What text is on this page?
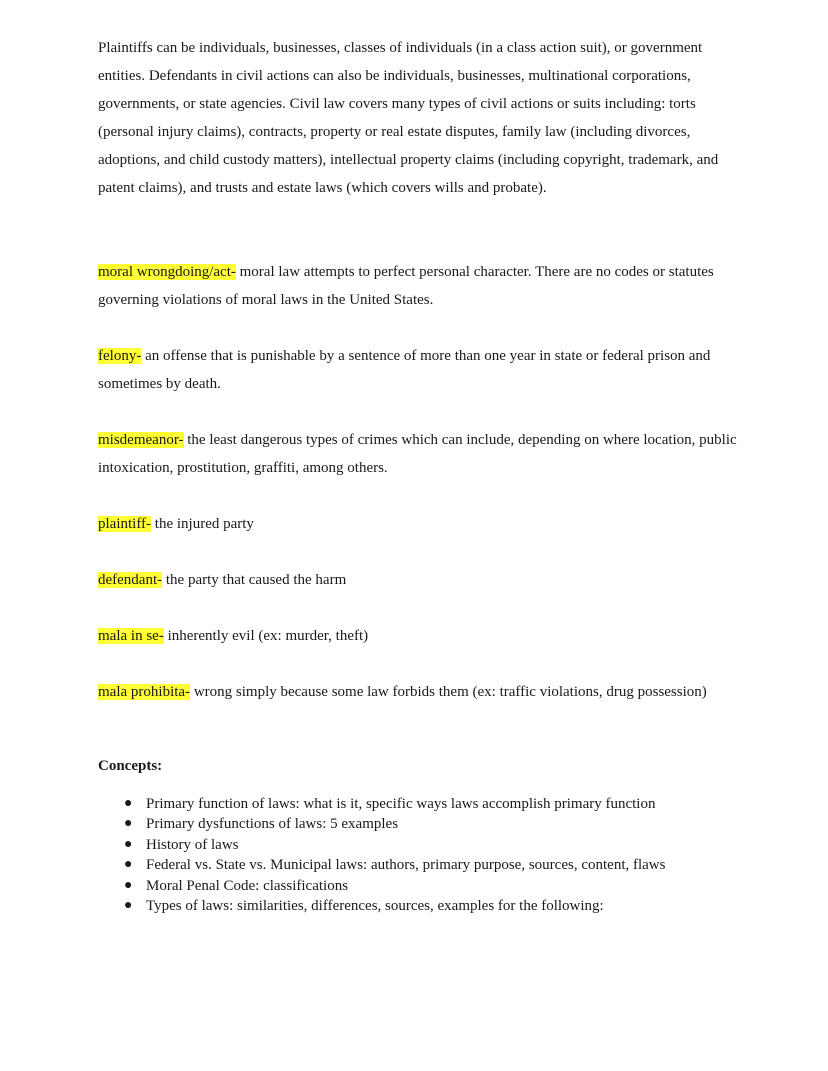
Plaintiffs can be individuals, businesses, classes of individuals (in a class action suit), or government entities. Defendants in civil actions can also be individuals, businesses, multinational corporations, governments, or state agencies. Civil law covers many types of civil actions or suits including: torts (personal injury claims), contracts, property or real estate disputes, family law (including divorces, adoptions, and child custody matters), intellectual property claims (including copyright, trademark, and patent claims), and trusts and estate laws (which covers wills and probate).

moral wrongdoing/act- moral law attempts to perfect personal character. There are no codes or statutes governing violations of moral laws in the United States.

felony- an offense that is punishable by a sentence of more than one year in state or federal prison and sometimes by death.

misdemeanor- the least dangerous types of crimes which can include, depending on where location, public intoxication, prostitution, graffiti, among others.

plaintiff- the injured party

defendant- the party that caused the harm

mala in se- inherently evil (ex: murder, theft)

mala prohibita- wrong simply because some law forbids them (ex: traffic violations, drug possession)

Concepts:

● Primary function of laws: what is it, specific ways laws accomplish primary function
● Primary dysfunctions of laws: 5 examples
● History of laws
● Federal vs. State vs. Municipal laws: authors, primary purpose, sources, content, flaws
● Moral Penal Code: classifications
● Types of laws: similarities, differences, sources, examples for the following:
